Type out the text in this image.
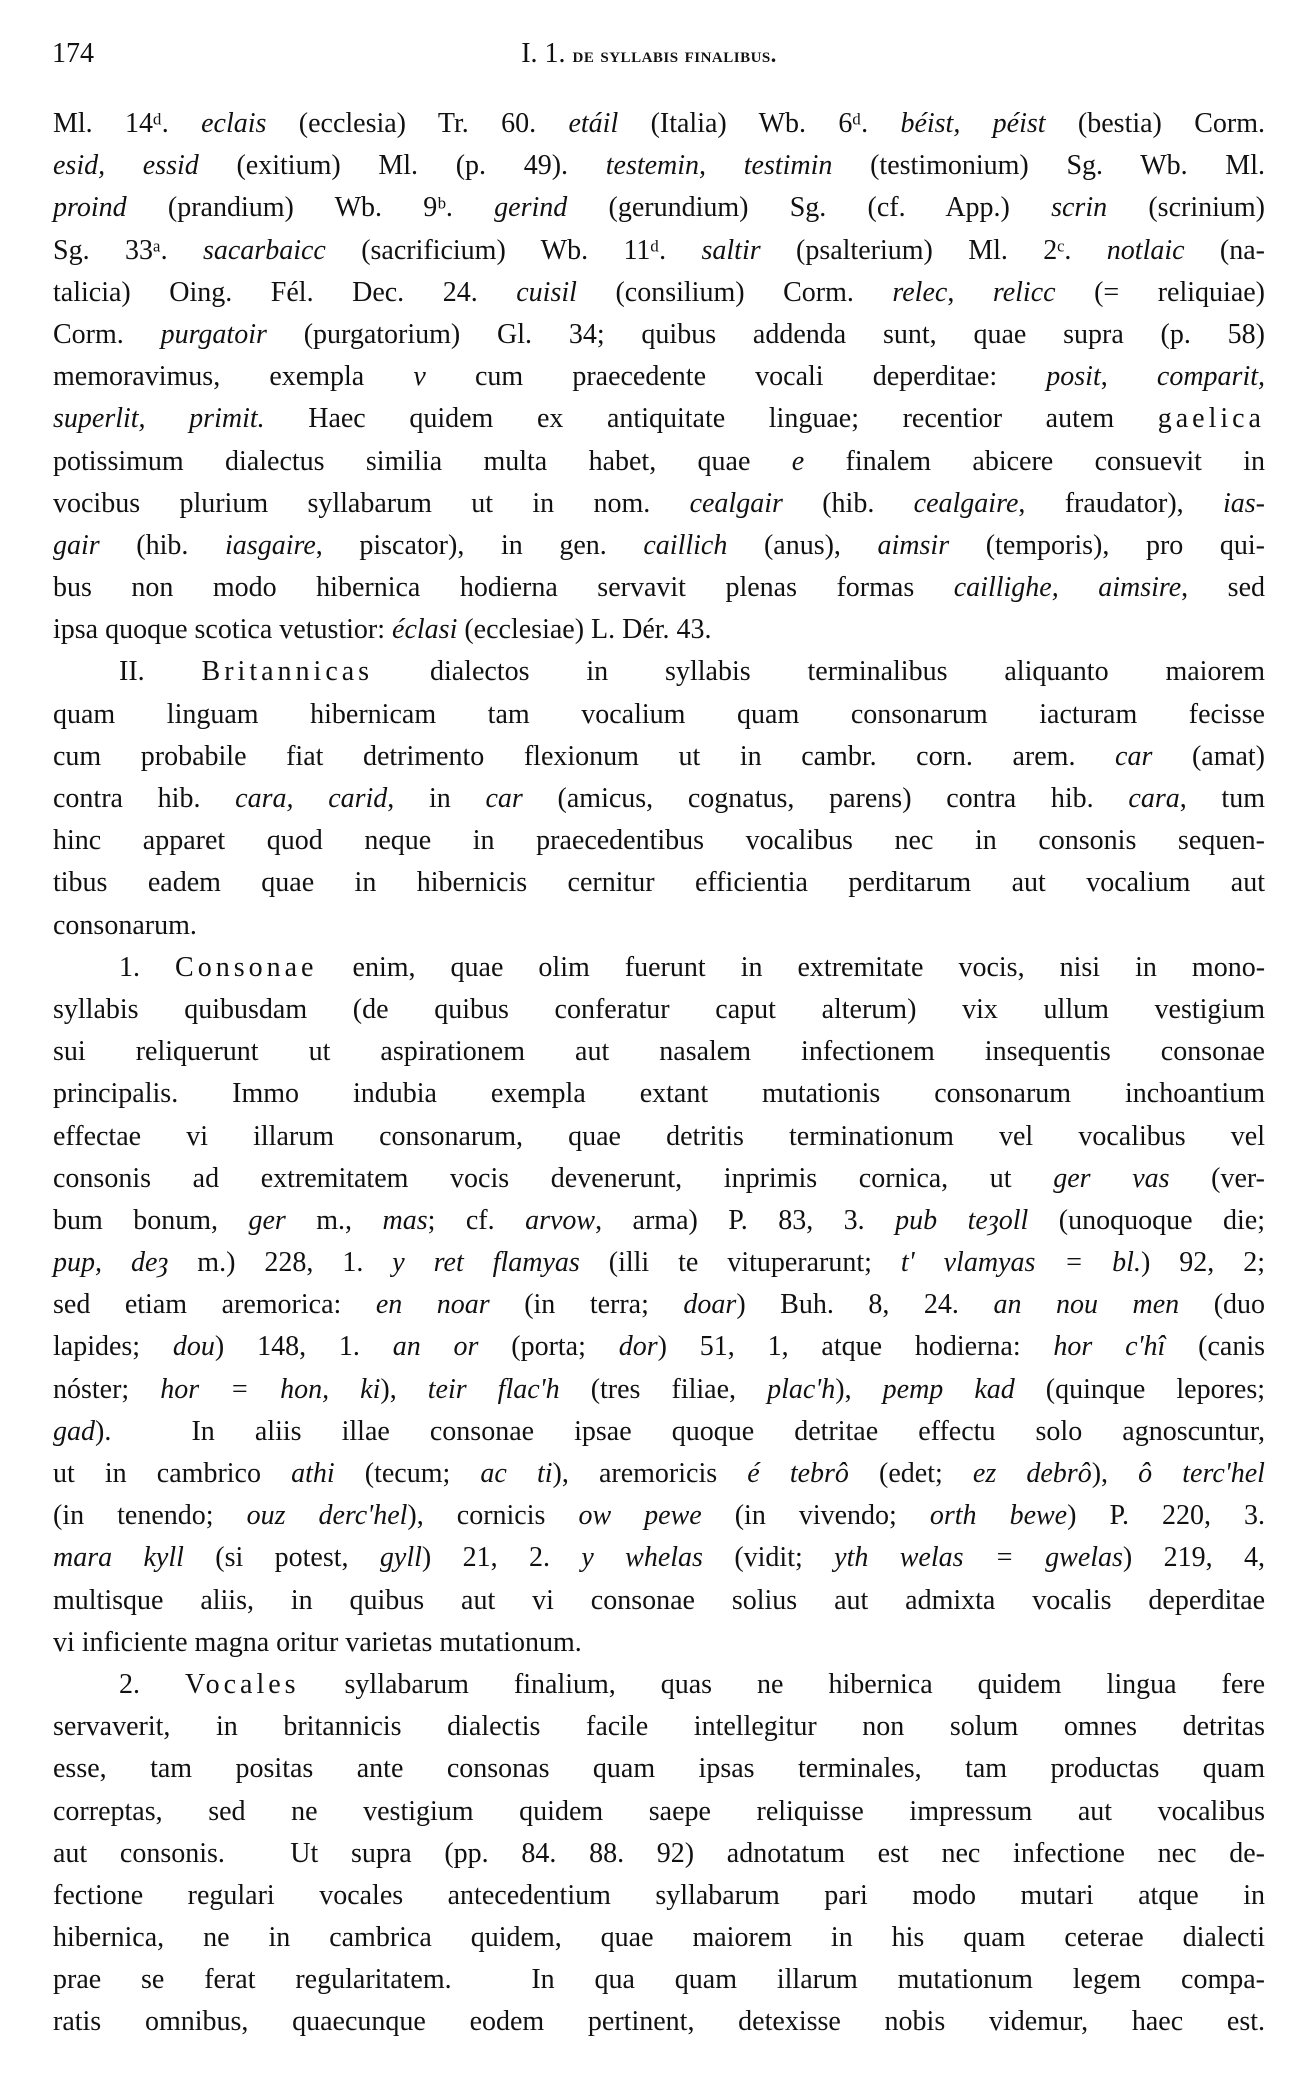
174	I. 1. de syllabis finalibus.
Ml. 14ᵈ. eclais (ecclesia) Tr. 60. etáil (Italia) Wb. 6ᵈ. béist, péist (bestia) Corm.
esid, essid (exitium) Ml. (p. 49). testemin, testimin (testimonium) Sg. Wb. Ml.
proind (prandium) Wb. 9ᵇ. gerind (gerundium) Sg. (cf. App.) scrin (scrinium)
Sg. 33ᵃ. sacarbaicc (sacrificium) Wb. 11ᵈ. saltir (psalterium) Ml. 2ᶜ. notlaic (na-
talicia) Oing. Fél. Dec. 24. cuisil (consilium) Corm. relec, relicc (= reliquiae)
Corm. purgatoir (purgatorium) Gl. 34; quibus addenda sunt, quae supra (p. 58)
memoravimus, exempla v cum praecedente vocali deperditae: posit, comparit,
superlit, primit. Haec quidem ex antiquitate linguae; recentior autem gaelica
potissimum dialectus similia multa habet, quae e finalem abicere consuevit in
vocibus plurium syllabarum ut in nom. cealgair (hib. cealgaire, fraudator), ias-
gair (hib. iasgaire, piscator), in gen. caillich (anus), aimsir (temporis), pro qui-
bus non modo hibernica hodierna servavit plenas formas caillighe, aimsire, sed
ipsa quoque scotica vetustior: éclasi (ecclesiae) L. Dér. 43.
II. Britannicas dialectos in syllabis terminalibus aliquanto maiorem
quam linguam hibernicam tam vocalium quam consonarum iacturam fecisse
cum probabile fiat detrimento flexionum ut in cambr. corn. arem. car (amat)
contra hib. cara, carid, in car (amicus, cognatus, parens) contra hib. cara, tum
hinc apparet quod neque in praecedentibus vocalibus nec in consonis sequen-
tibus eadem quae in hibernicis cernitur efficientia perditarum aut vocalium aut
consonarum.
1. Consonae enim, quae olim fuerunt in extremitate vocis, nisi in mono-
syllabis quibusdam (de quibus conferatur caput alterum) vix ullum vestigium
sui reliquerunt ut aspirationem aut nasalem infectionem insequentis consonae
principalis. Immo indubia exempla extant mutationis consonarum inchoantium
effectae vi illarum consonarum, quae detritis terminationum vel vocalibus vel
consonis ad extremitatem vocis devenerunt, inprimis cornica, ut ger vas (ver-
bum bonum, ger m., mas; cf. arvow, arma) P. 83, 3. pub teȝoll (unoquoque die;
pup, deȝ m.) 228, 1. y ret flamyas (illi te vituperarunt; t' vlamyas = bl.) 92, 2;
sed etiam aremorica: en noar (in terra; doar) Buh. 8, 24. an nou men (duo
lapides; dou) 148, 1. an or (porta; dor) 51, 1, atque hodierna: hor c'hî (canis
nóster; hor = hon, ki), teir flac'h (tres filiae, plac'h), pemp kad (quinque lepores;
gad).  In aliis illae consonae ipsae quoque detritae effectu solo agnoscuntur,
ut in cambrico athi (tecum; ac ti), aremoricis é tebrô (edet; ez debrô), ô terc'hel
(in tenendo; ouz derc'hel), cornicis ow pewe (in vivendo; orth bewe) P. 220, 3.
mara kyll (si potest, gyll) 21, 2. y whelas (vidit; yth welas = gwelas) 219, 4,
multisque aliis, in quibus aut vi consonae solius aut admixta vocalis deperditae
vi inficiente magna oritur varietas mutationum.
2. Vocales syllabarum finalium, quas ne hibernica quidem lingua fere
servaverit, in britannicis dialectis facile intellegitur non solum omnes detritas
esse, tam positas ante consonas quam ipsas terminales, tam productas quam
correptas, sed ne vestigium quidem saepe reliquisse impressum aut vocalibus
aut consonis.  Ut supra (pp. 84. 88. 92) adnotatum est nec infectione nec de-
fectione regulari vocales antecedentium syllabarum pari modo mutari atque in
hibernica, ne in cambrica quidem, quae maiorem in his quam ceterae dialecti
prae se ferat regularitatem.  In qua quam illarum mutationum legem compa-
ratis omnibus, quaecunque eodem pertinent, detexisse nobis videmur, haec est.
